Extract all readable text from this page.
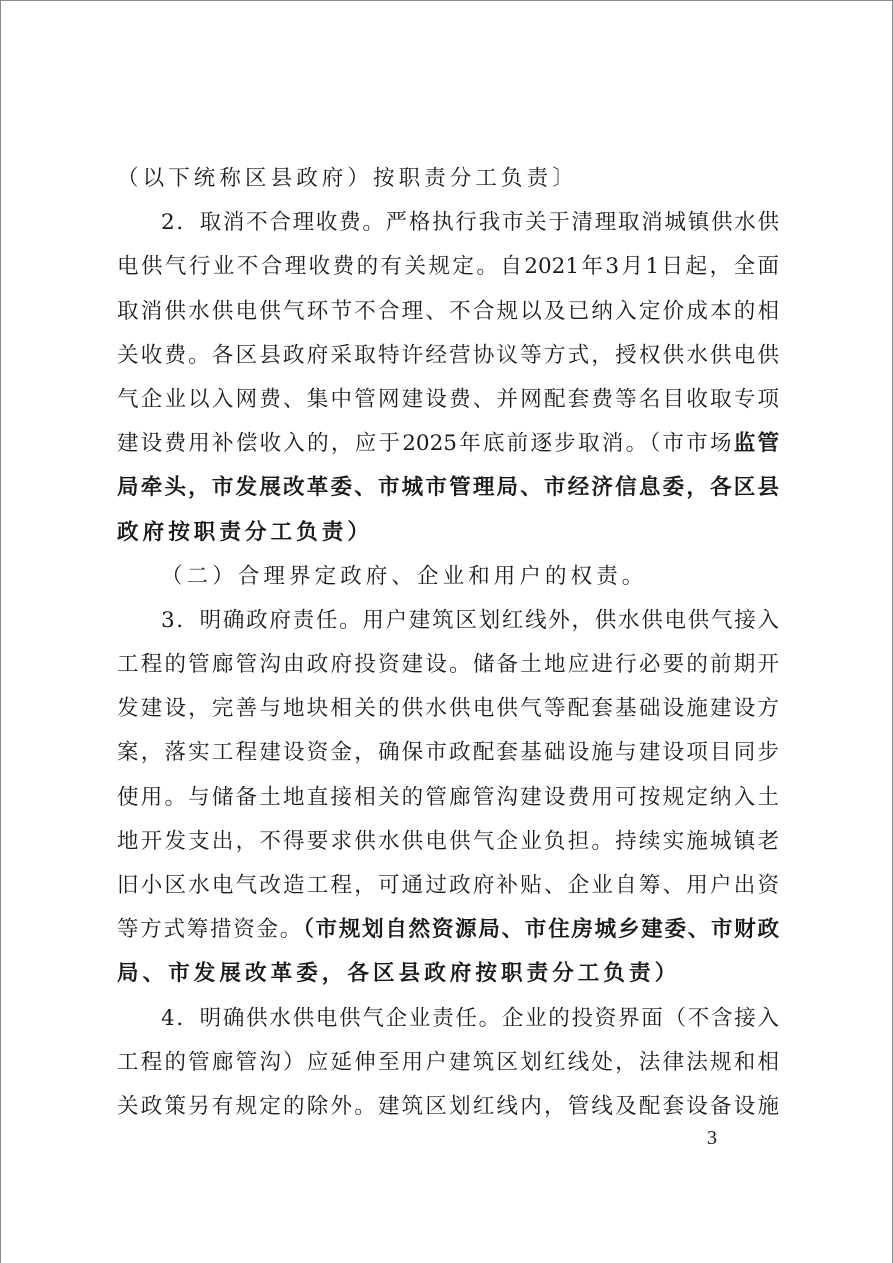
（以下统称区县政府）按职责分工负责〕
2．取消不合理收费。严格执行我市关于清理取消城镇供水供
电供气行业不合理收费的有关规定。自2021年3月1日起，全面
取消供水供电供气环节不合理、不合规以及已纳入定价成本的相
关收费。各区县政府采取特许经营协议等方式，授权供水供电供
气企业以入网费、集中管网建设费、并网配套费等名目收取专项
建设费用补偿收入的，应于2025年底前逐步取消。（市市场监管
局牵头，市发展改革委、市城市管理局、市经济信息委，各区县
政府按职责分工负责）
（二）合理界定政府、企业和用户的权责。
3．明确政府责任。用户建筑区划红线外，供水供电供气接入
工程的管廊管沟由政府投资建设。储备土地应进行必要的前期开
发建设，完善与地块相关的供水供电供气等配套基础设施建设方
案，落实工程建设资金，确保市政配套基础设施与建设项目同步
使用。与储备土地直接相关的管廊管沟建设费用可按规定纳入土
地开发支出，不得要求供水供电供气企业负担。持续实施城镇老
旧小区水电气改造工程，可通过政府补贴、企业自筹、用户出资
等方式筹措资金。（市规划自然资源局、市住房城乡建委、市财政
局、市发展改革委，各区县政府按职责分工负责）
4．明确供水供电供气企业责任。企业的投资界面（不含接入
工程的管廊管沟）应延伸至用户建筑区划红线处，法律法规和相
关政策另有规定的除外。建筑区划红线内，管线及配套设备设施
3
